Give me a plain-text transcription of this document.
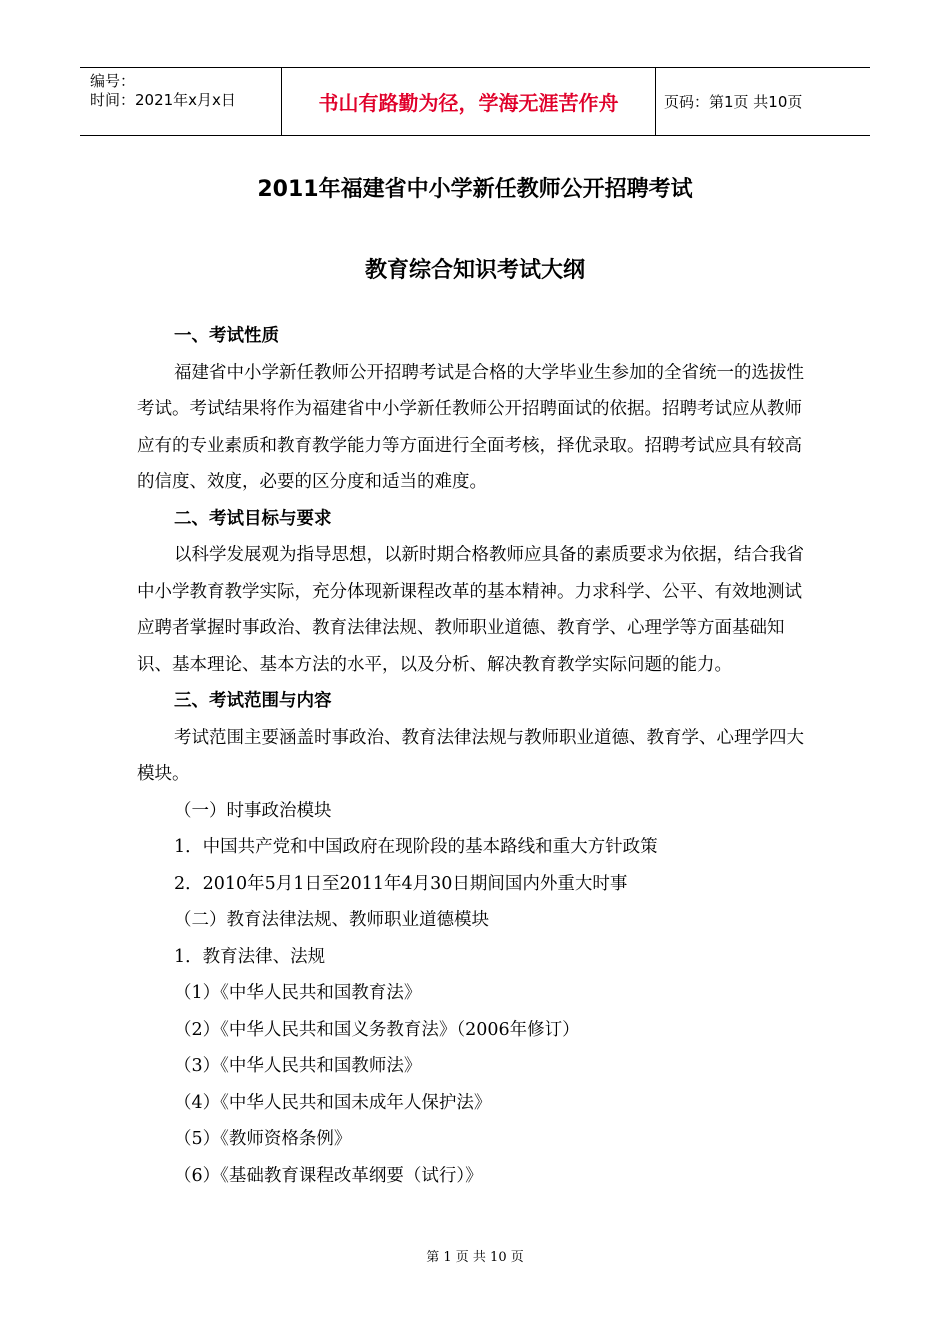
编号：
时间：2021年x月x日	书山有路勤为径，学海无涯苦作舟	页码：第1页 共10页
2011年福建省中小学新任教师公开招聘考试
教育综合知识考试大纲

一、考试性质

福建省中小学新任教师公开招聘考试是合格的大学毕业生参加的全省统一的选拔性考试。考试结果将作为福建省中小学新任教师公开招聘面试的依据。招聘考试应从教师应有的专业素质和教育教学能力等方面进行全面考核，择优录取。招聘考试应具有较高的信度、效度，必要的区分度和适当的难度。

二、考试目标与要求

以科学发展观为指导思想，以新时期合格教师应具备的素质要求为依据，结合我省中小学教育教学实际，充分体现新课程改革的基本精神。力求科学、公平、有效地测试应聘者掌握时事政治、教育法律法规、教师职业道德、教育学、心理学等方面基础知识、基本理论、基本方法的水平，以及分析、解决教育教学实际问题的能力。

三、考试范围与内容

考试范围主要涵盖时事政治、教育法律法规与教师职业道德、教育学、心理学四大模块。

（一）时事政治模块

1．中国共产党和中国政府在现阶段的基本路线和重大方针政策

2．2010年5月1日至2011年4月30日期间国内外重大时事

（二）教育法律法规、教师职业道德模块

1．教育法律、法规

（1）《中华人民共和国教育法》

（2）《中华人民共和国义务教育法》（2006年修订）

（3）《中华人民共和国教师法》

（4）《中华人民共和国未成年人保护法》

（5）《教师资格条例》

（6）《基础教育课程改革纲要（试行）》

第 1 页 共 10 页
